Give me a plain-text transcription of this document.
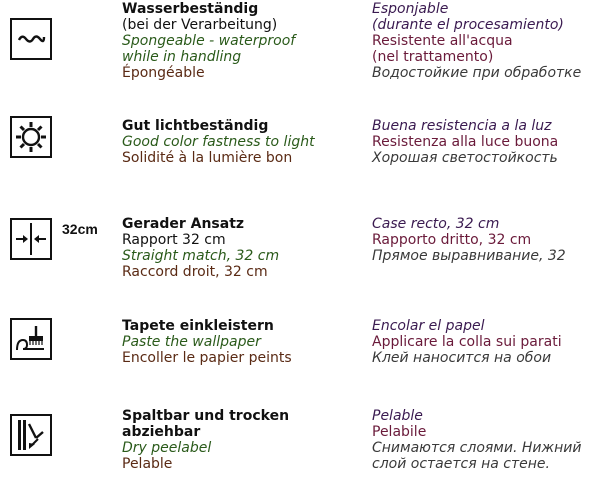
Wasserbeständig
(bei der Verarbeitung)
Spongeable - waterproof
while in handling
Épongéable
Esponjable
(durante el procesamiento)
Resistente all'acqua
(nel trattamento)
Водостойкие при обработке
Gut lichtbeständig
Good color fastness to light
Solidité à la lumière bon
Buena resistencia a la luz
Resistenza alla luce buona
Хорошая светостойкость
32cm Gerader Ansatz
Rapport 32 cm
Straight match, 32 cm
Raccord droit, 32 cm
Case recto, 32 cm
Rapporto dritto, 32 cm
Прямое выравнивание, 32
Tapete einkleistern
Paste the wallpaper
Encoller le papier peints
Encolar el papel
Applicare la colla sui parati
Клей наносится на обои
Spaltbar und trocken
abziehbar
Dry peelabel
Pelable
Pelable
Pelabile
Снимаются слоями. Нижний
слой остается на стене.
